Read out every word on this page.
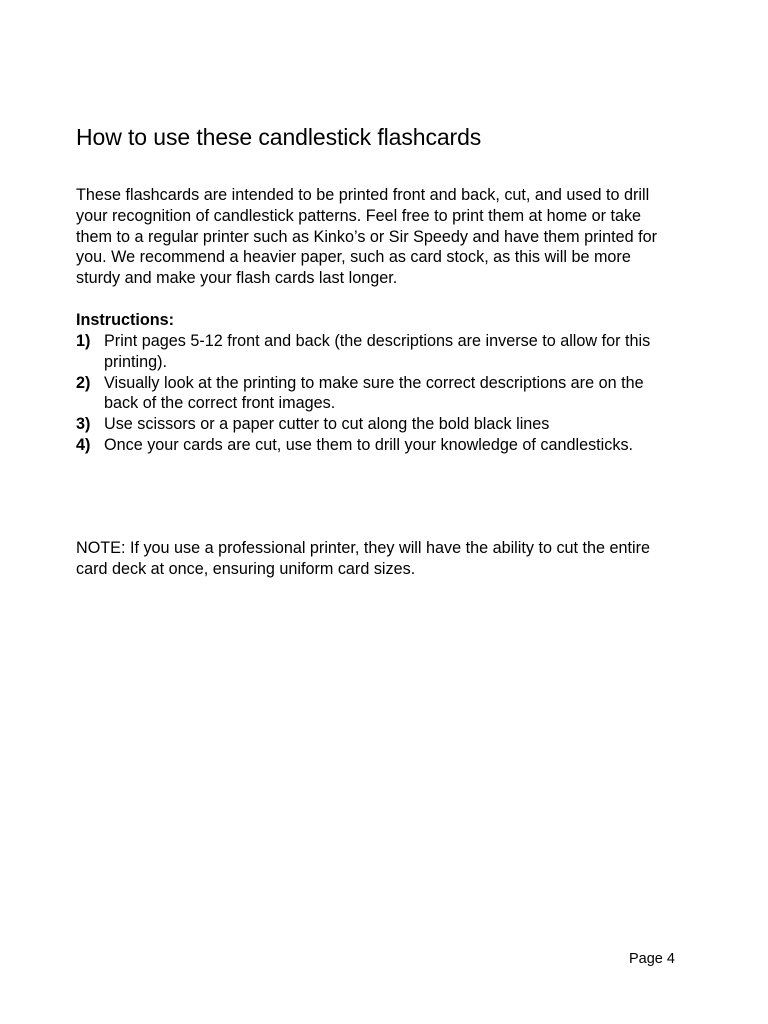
How to use these candlestick flashcards

These flashcards are intended to be printed front and back, cut, and used to drill
your recognition of candlestick patterns. Feel free to print them at home or take
them to a regular printer such as Kinko’s or Sir Speedy and have them printed for
you. We recommend a heavier paper, such as card stock, as this will be more
sturdy and make your flash cards last longer.

Instructions:

1) Print pages 5-12 front and back (the descriptions are inverse to allow for this
printing).
2) Visually look at the printing to make sure the correct descriptions are on the
back of the correct front images.
3) Use scissors or a paper cutter to cut along the bold black lines
4) Once your cards are cut, use them to drill your knowledge of candlesticks.

NOTE: If you use a professional printer, they will have the ability to cut the entire
card deck at once, ensuring uniform card sizes.

Page 4
